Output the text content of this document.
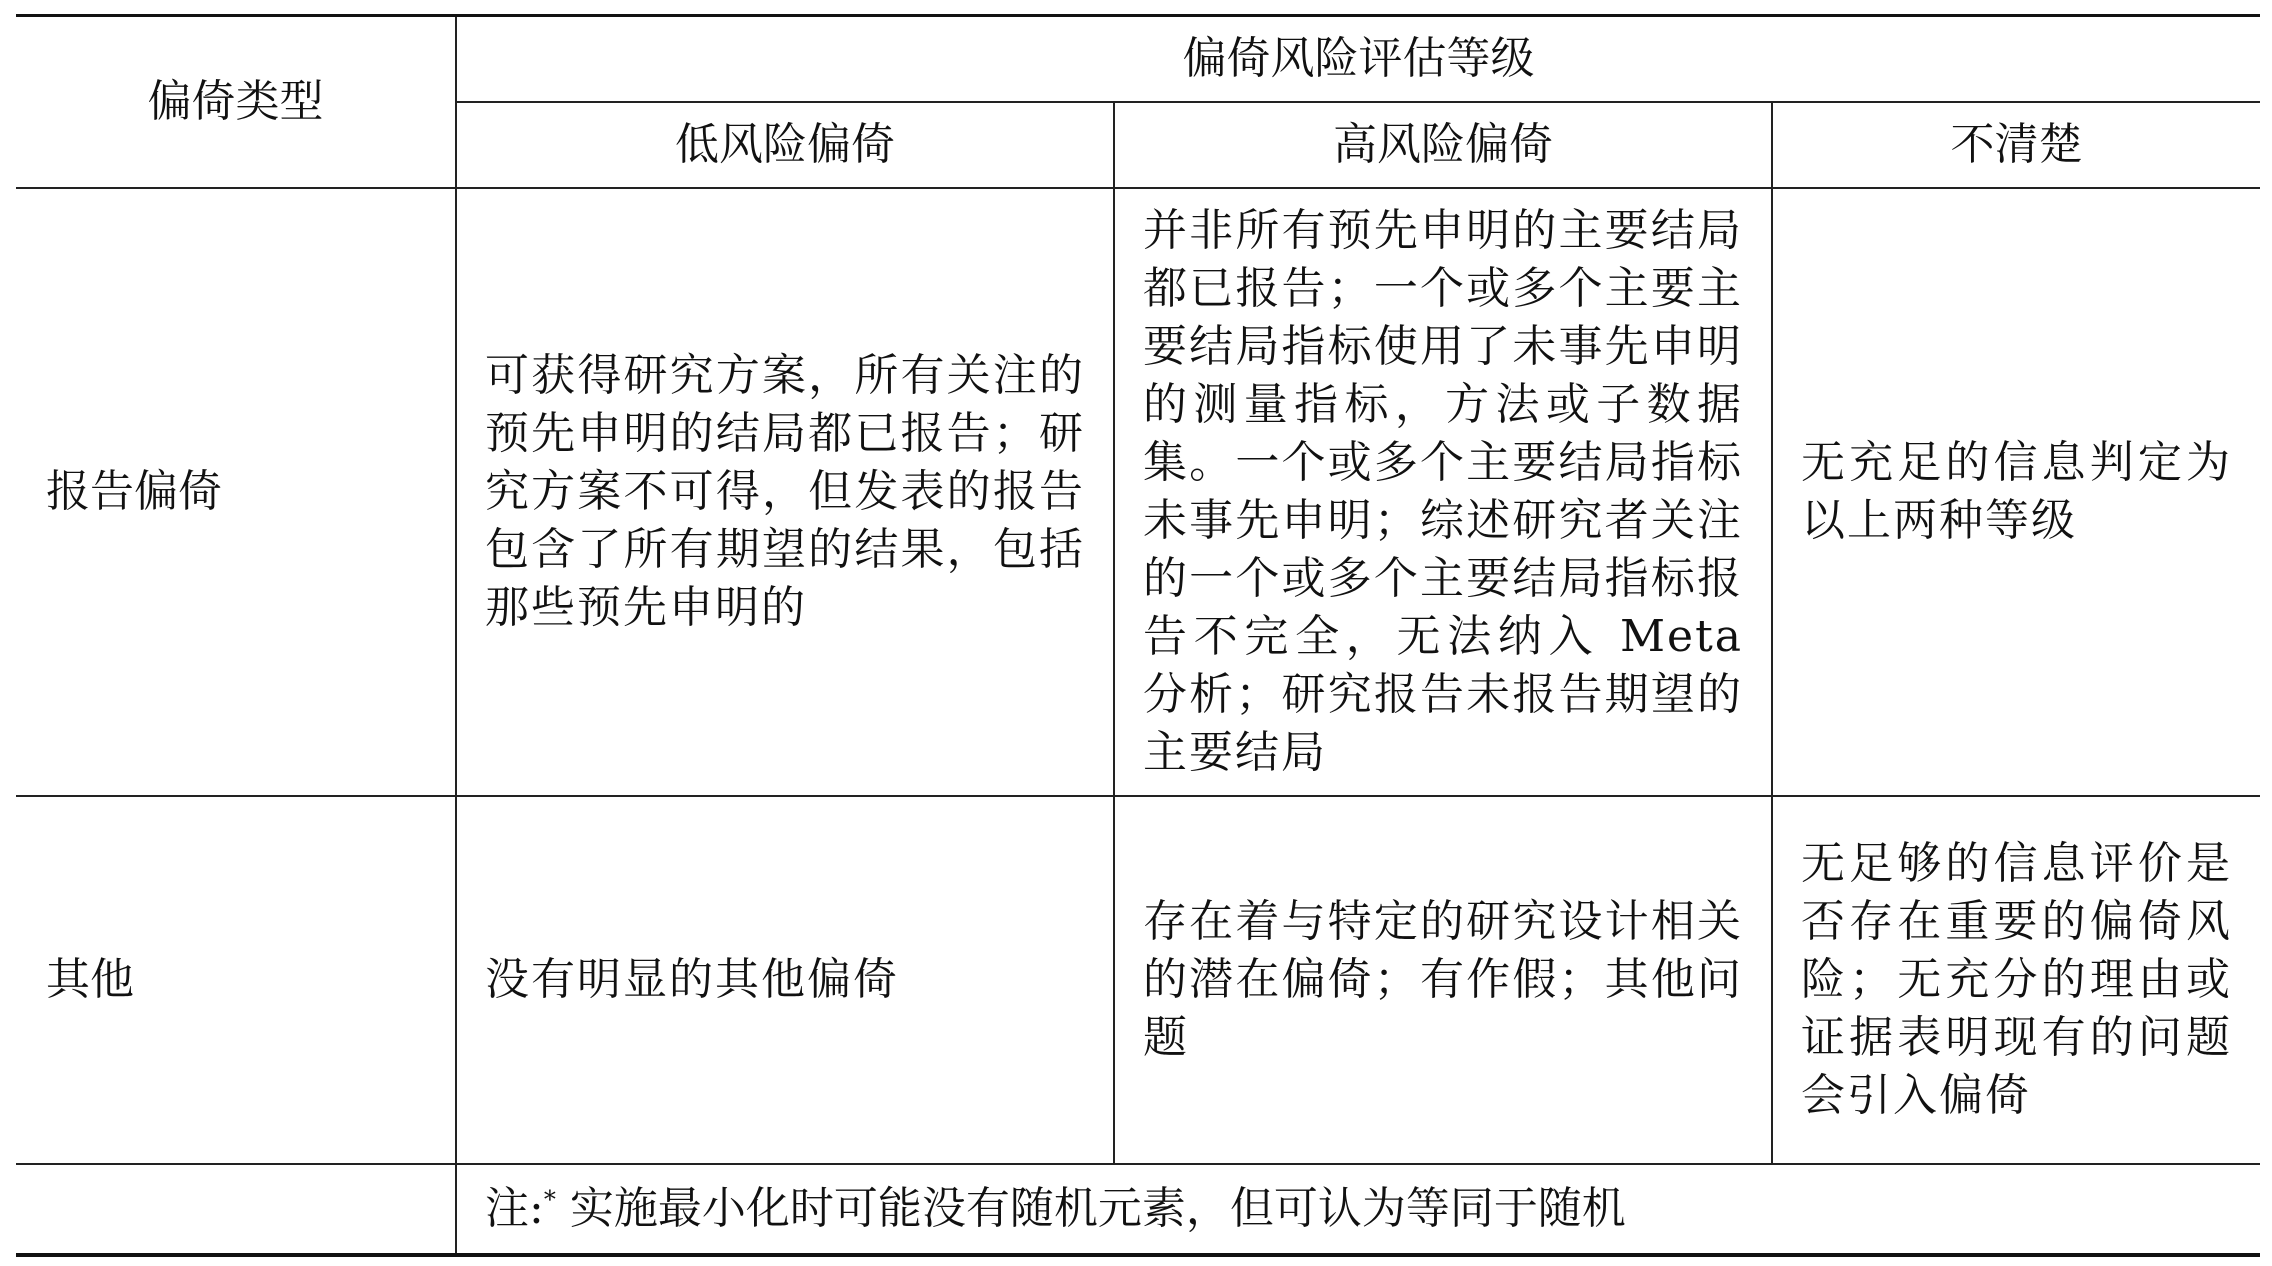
偏倚类型	偏倚风险评估等级		
	低风险偏倚	高风险偏倚	不清楚
报告偏倚	可获得研究方案，所有关注的预先申明的结局都已报告；研究方案不可得，但发表的报告包含了所有期望的结果，包括那些预先申明的	并非所有预先申明的主要结局都已报告；一个或多个主要主要结局指标使用了未事先申明的测量指标，方法或子数据集。一个或多个主要结局指标未事先申明；综述研究者关注的一个或多个主要结局指标报告不完全，无法纳入 Meta 分析；研究报告未报告期望的主要结局	无充足的信息判定为以上两种等级
其他	没有明显的其他偏倚	存在着与特定的研究设计相关的潜在偏倚；有作假；其他问题	无足够的信息评价是否存在重要的偏倚风险；无充分的理由或证据表明现有的问题会引入偏倚
	注:* 实施最小化时可能没有随机元素，但可认为等同于随机		
